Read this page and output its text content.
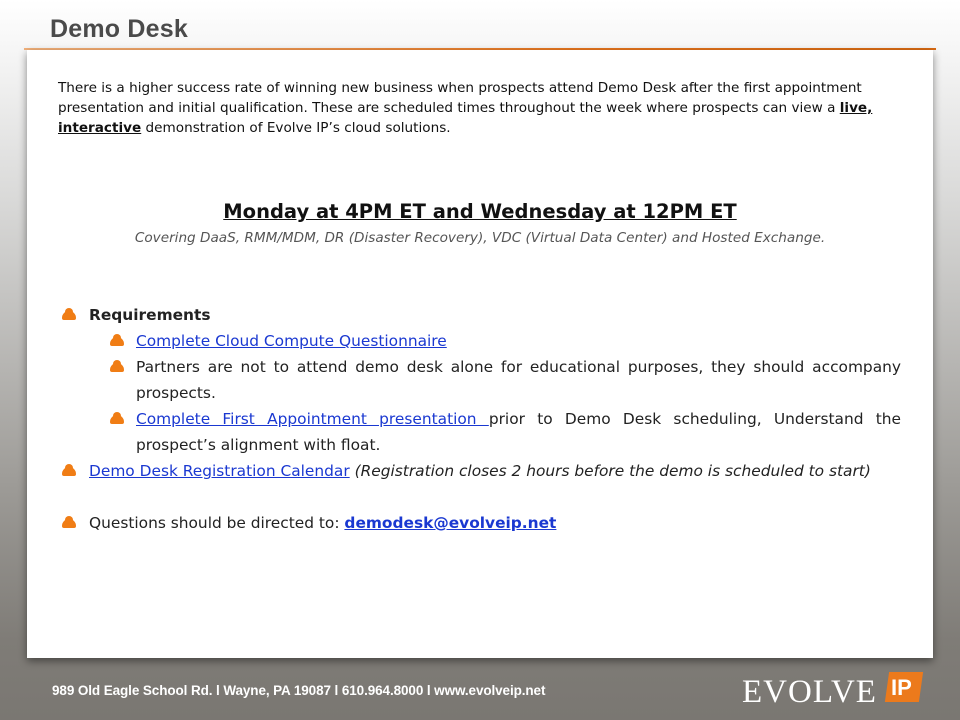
Demo Desk

There is a higher success rate of winning new business when prospects attend Demo Desk after the first appointment presentation and initial qualification. These are scheduled times throughout the week where prospects can view a live, interactive demonstration of Evolve IP’s cloud solutions.

Monday at 4PM ET and Wednesday at 12PM ET

Covering DaaS, RMM/MDM, DR (Disaster Recovery), VDC (Virtual Data Center) and Hosted Exchange.

Requirements
Complete Cloud Compute Questionnaire
Partners are not to attend demo desk alone for educational purposes, they should accompany prospects.
Complete First Appointment presentation prior to Demo Desk scheduling, Understand the prospect’s alignment with float.
Demo Desk Registration Calendar (Registration closes 2 hours before the demo is scheduled to start)
Questions should be directed to: demodesk@evolveip.net

989 Old Eagle School Rd. l Wayne, PA 19087 l 610.964.8000 l www.evolveip.net	EVOLVE IP
